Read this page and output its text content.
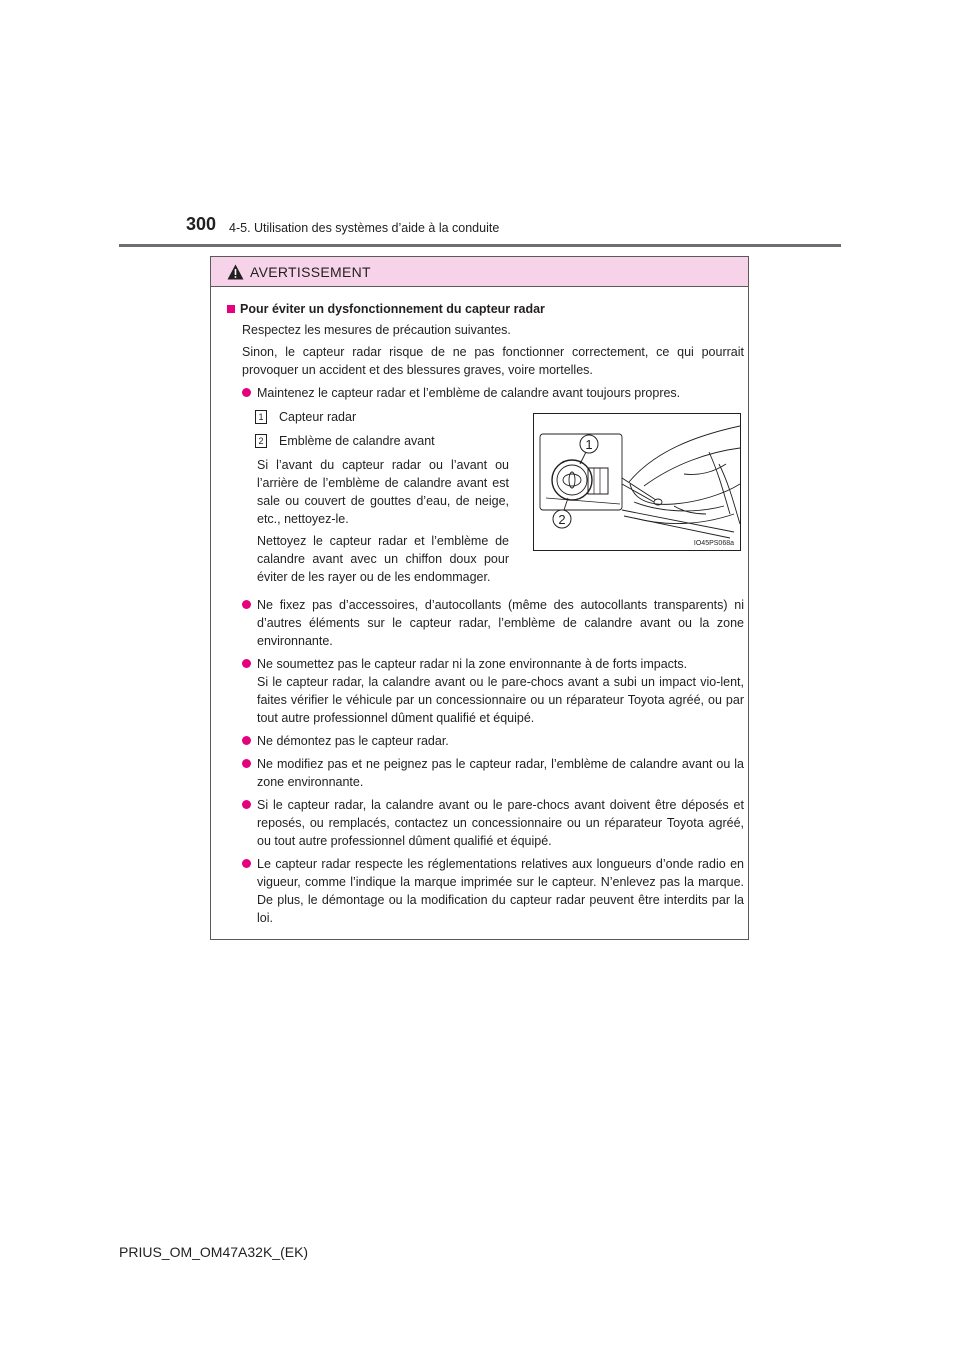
300 4-5. Utilisation des systèmes d’aide à la conduite
AVERTISSEMENT
Pour éviter un dysfonctionnement du capteur radar
Respectez les mesures de précaution suivantes.
Sinon, le capteur radar risque de ne pas fonctionner correctement, ce qui pourrait provoquer un accident et des blessures graves, voire mortelles.
Maintenez le capteur radar et l’emblème de calandre avant toujours propres.
1 Capteur radar
2 Emblème de calandre avant
Si l’avant du capteur radar ou l’avant ou l’arrière de l’emblème de calandre avant est sale ou couvert de gouttes d’eau, de neige, etc., nettoyez-le.
Nettoyez le capteur radar et l’emblème de calandre avant avec un chiffon doux pour éviter de les rayer ou de les endommager.
1
2
IO45PS068a
Ne fixez pas d’accessoires, d’autocollants (même des autocollants transparents) ni d’autres éléments sur le capteur radar, l’emblème de calandre avant ou la zone environnante.
Ne soumettez pas le capteur radar ni la zone environnante à de forts impacts.
Si le capteur radar, la calandre avant ou le pare-chocs avant a subi un impact vio-lent, faites vérifier le véhicule par un concessionnaire ou un réparateur Toyota agréé, ou par tout autre professionnel dûment qualifié et équipé.
Ne démontez pas le capteur radar.
Ne modifiez pas et ne peignez pas le capteur radar, l’emblème de calandre avant ou la zone environnante.
Si le capteur radar, la calandre avant ou le pare-chocs avant doivent être déposés et reposés, ou remplacés, contactez un concessionnaire ou un réparateur Toyota agréé, ou tout autre professionnel dûment qualifié et équipé.
Le capteur radar respecte les réglementations relatives aux longueurs d’onde radio en vigueur, comme l’indique la marque imprimée sur le capteur. N’enlevez pas la marque. De plus, le démontage ou la modification du capteur radar peuvent être interdits par la loi.
PRIUS_OM_OM47A32K_(EK)
